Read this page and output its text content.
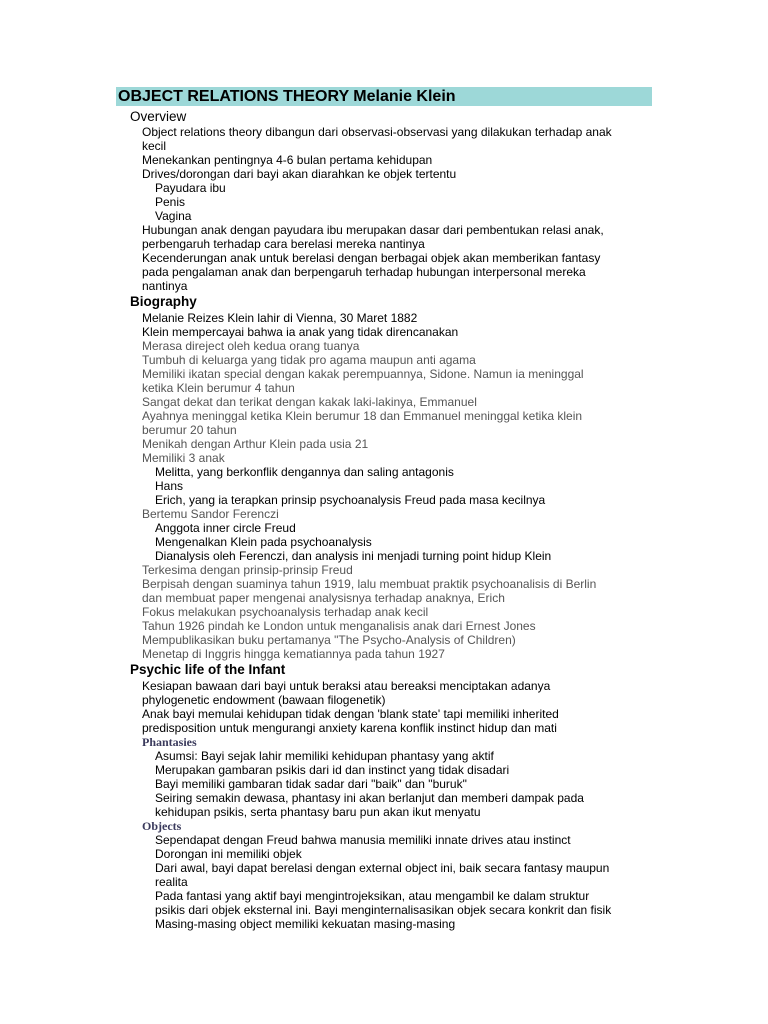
OBJECT RELATIONS THEORY Melanie Klein
Overview
Object relations theory dibangun dari observasi-observasi yang dilakukan terhadap anak
kecil
Menekankan pentingnya 4-6 bulan pertama kehidupan
Drives/dorongan dari bayi akan diarahkan ke objek tertentu
Payudara ibu
Penis
Vagina
Hubungan anak dengan payudara ibu merupakan dasar dari pembentukan relasi anak,
perbengaruh terhadap cara berelasi mereka nantinya
Kecenderungan anak untuk berelasi dengan berbagai objek akan memberikan fantasy
pada pengalaman anak dan berpengaruh terhadap hubungan interpersonal mereka
nantinya
Biography
Melanie Reizes Klein lahir di Vienna, 30 Maret 1882
Klein mempercayai bahwa ia anak yang tidak direncanakan
Merasa direject oleh kedua orang tuanya
Tumbuh di keluarga yang tidak pro agama maupun anti agama
Memiliki ikatan special dengan kakak perempuannya, Sidone. Namun ia meninggal
ketika Klein berumur 4 tahun
Sangat dekat dan terikat dengan kakak laki-lakinya, Emmanuel
Ayahnya meninggal ketika Klein berumur 18 dan Emmanuel meninggal ketika klein
berumur 20 tahun
Menikah dengan Arthur Klein pada usia 21
Memiliki 3 anak
Melitta, yang berkonflik dengannya dan saling antagonis
Hans
Erich, yang ia terapkan prinsip psychoanalysis Freud pada masa kecilnya
Bertemu Sandor Ferenczi
Anggota inner circle Freud
Mengenalkan Klein pada psychoanalysis
Dianalysis oleh Ferenczi, dan analysis ini menjadi turning point hidup Klein
Terkesima dengan prinsip-prinsip Freud
Berpisah dengan suaminya tahun 1919, lalu membuat praktik psychoanalisis di Berlin
dan membuat paper mengenai analysisnya terhadap anaknya, Erich
Fokus melakukan psychoanalysis terhadap anak kecil
Tahun 1926 pindah ke London untuk menganalisis anak dari Ernest Jones
Mempublikasikan buku pertamanya "The Psycho-Analysis of Children)
Menetap di Inggris hingga kematiannya pada tahun 1927
Psychic life of the Infant
Kesiapan bawaan dari bayi untuk beraksi atau bereaksi menciptakan adanya
phylogenetic endowment (bawaan filogenetik)
Anak bayi memulai kehidupan tidak dengan 'blank state' tapi memiliki inherited
predisposition untuk mengurangi anxiety karena konflik instinct hidup dan mati
Phantasies
Asumsi: Bayi sejak lahir memiliki kehidupan phantasy yang aktif
Merupakan gambaran psikis dari id dan instinct yang tidak disadari
Bayi memiliki gambaran tidak sadar dari "baik" dan "buruk"
Seiring semakin dewasa, phantasy ini akan berlanjut dan memberi dampak pada
kehidupan psikis, serta phantasy baru pun akan ikut menyatu
Objects
Sependapat dengan Freud bahwa manusia memiliki innate drives atau instinct
Dorongan ini memiliki objek
Dari awal, bayi dapat berelasi dengan external object ini, baik secara fantasy maupun
realita
Pada fantasi yang aktif bayi mengintrojeksikan, atau mengambil ke dalam struktur
psikis dari objek eksternal ini. Bayi menginternalisasikan objek secara konkrit dan fisik
Masing-masing object memiliki kekuatan masing-masing
